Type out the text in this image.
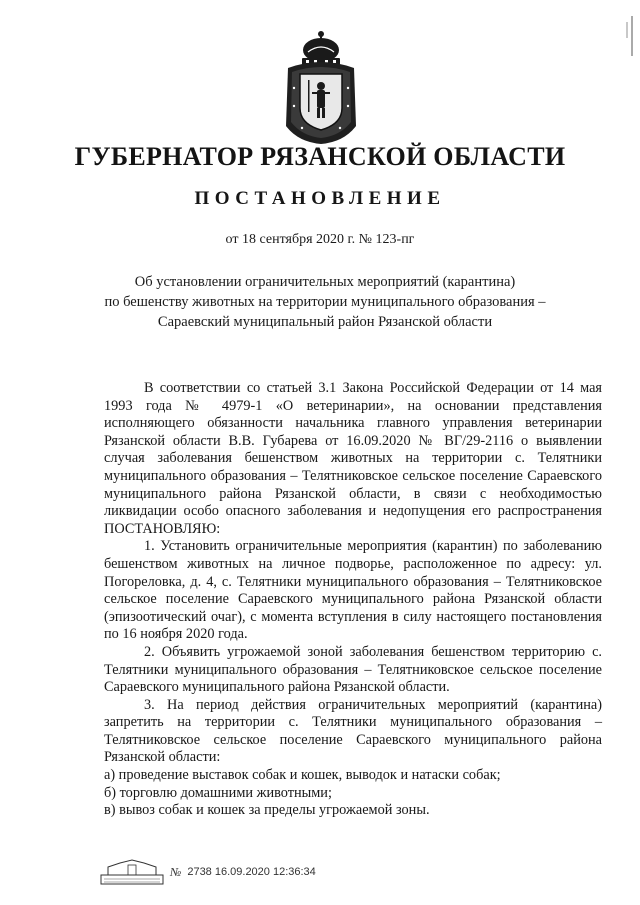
ГУБЕРНАТОР РЯЗАНСКОЙ ОБЛАСТИ
ПОСТАНОВЛЕНИЕ
от 18 сентября 2020 г. № 123-пг
Об установлении ограничительных мероприятий (карантина)
по бешенству животных на территории муниципального образования –
Сараевский муниципальный район Рязанской области

В соответствии со статьей 3.1 Закона Российской Федерации от 14 мая 1993 года № 4979-1 «О ветеринарии», на основании представления исполняющего обязанности начальника главного управления ветеринарии Рязанской области В.В. Губарева от 16.09.2020 № ВГ/29-2116 о выявлении случая заболевания бешенством животных на территории с. Телятники муниципального образования – Телятниковское сельское поселение Сараевского муниципального района Рязанской области, в связи с необходимостью ликвидации особо опасного заболевания и недопущения его распространения ПОСТАНОВЛЯЮ:

1. Установить ограничительные мероприятия (карантин) по заболеванию бешенством животных на личное подворье, расположенное по адресу: ул. Погореловка, д. 4, с. Телятники муниципального образования – Телятниковское сельское поселение Сараевского муниципального района Рязанской области (эпизоотический очаг), с момента вступления в силу настоящего постановления по 16 ноября 2020 года.

2. Объявить угрожаемой зоной заболевания бешенством территорию с. Телятники муниципального образования – Телятниковское сельское поселение Сараевского муниципального района Рязанской области.

3. На период действия ограничительных мероприятий (карантина) запретить на территории с. Телятники муниципального образования – Телятниковское сельское поселение Сараевского муниципального района Рязанской области:

а) проведение выставок собак и кошек, выводок и натаски собак;

б) торговлю домашними животными;

в) вывоз собак и кошек за пределы угрожаемой зоны.

№ 2738 16.09.2020 12:36:34
